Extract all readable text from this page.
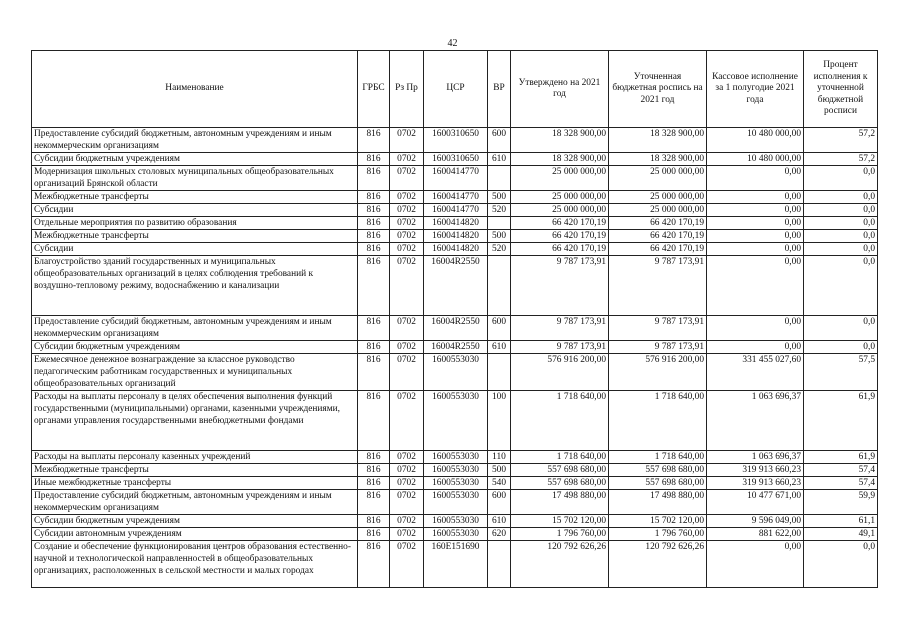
42
Наименование	ГРБС	Рз Пр	ЦСР	ВР	Утверждено на 2021 год	Уточненная бюджетная роспись на 2021 год	Кассовое исполнение за 1 полугодие 2021 года	Процент исполнения к уточненной бюджетной росписи
Предоставление субсидий бюджетным, автономным учреждениям и иным некоммерческим организациям	816	0702	1600310650	600	18 328 900,00	18 328 900,00	10 480 000,00	57,2
Субсидии бюджетным учреждениям	816	0702	1600310650	610	18 328 900,00	18 328 900,00	10 480 000,00	57,2
Модернизация школьных столовых муниципальных общеобразовательных организаций Брянской области	816	0702	1600414770		25 000 000,00	25 000 000,00	0,00	0,0
Межбюджетные трансферты	816	0702	1600414770	500	25 000 000,00	25 000 000,00	0,00	0,0
Субсидии	816	0702	1600414770	520	25 000 000,00	25 000 000,00	0,00	0,0
Отдельные мероприятия по развитию образования	816	0702	1600414820		66 420 170,19	66 420 170,19	0,00	0,0
Межбюджетные трансферты	816	0702	1600414820	500	66 420 170,19	66 420 170,19	0,00	0,0
Субсидии	816	0702	1600414820	520	66 420 170,19	66 420 170,19	0,00	0,0
Благоустройство зданий государственных и муниципальных общеобразовательных организаций в целях соблюдения требований к воздушно-тепловому режиму, водоснабжению и канализации	816	0702	16004R2550		9 787 173,91	9 787 173,91	0,00	0,0
Предоставление субсидий бюджетным, автономным учреждениям и иным некоммерческим организациям	816	0702	16004R2550	600	9 787 173,91	9 787 173,91	0,00	0,0
Субсидии бюджетным учреждениям	816	0702	16004R2550	610	9 787 173,91	9 787 173,91	0,00	0,0
Ежемесячное денежное вознаграждение за классное руководство педагогическим работникам государственных и муниципальных общеобразовательных организаций	816	0702	1600553030		576 916 200,00	576 916 200,00	331 455 027,60	57,5
Расходы на выплаты персоналу в целях обеспечения выполнения функций государственными (муниципальными) органами, казенными учреждениями, органами управления государственными внебюджетными фондами	816	0702	1600553030	100	1 718 640,00	1 718 640,00	1 063 696,37	61,9
Расходы на выплаты персоналу казенных учреждений	816	0702	1600553030	110	1 718 640,00	1 718 640,00	1 063 696,37	61,9
Межбюджетные трансферты	816	0702	1600553030	500	557 698 680,00	557 698 680,00	319 913 660,23	57,4
Иные межбюджетные трансферты	816	0702	1600553030	540	557 698 680,00	557 698 680,00	319 913 660,23	57,4
Предоставление субсидий бюджетным, автономным учреждениям и иным некоммерческим организациям	816	0702	1600553030	600	17 498 880,00	17 498 880,00	10 477 671,00	59,9
Субсидии бюджетным учреждениям	816	0702	1600553030	610	15 702 120,00	15 702 120,00	9 596 049,00	61,1
Субсидии автономным учреждениям	816	0702	1600553030	620	1 796 760,00	1 796 760,00	881 622,00	49,1
Создание и обеспечение функционирования центров образования естественно-научной и технологической направленностей в общеобразовательных организациях, расположенных в сельской местности и малых городах	816	0702	160E151690		120 792 626,26	120 792 626,26	0,00	0,0
